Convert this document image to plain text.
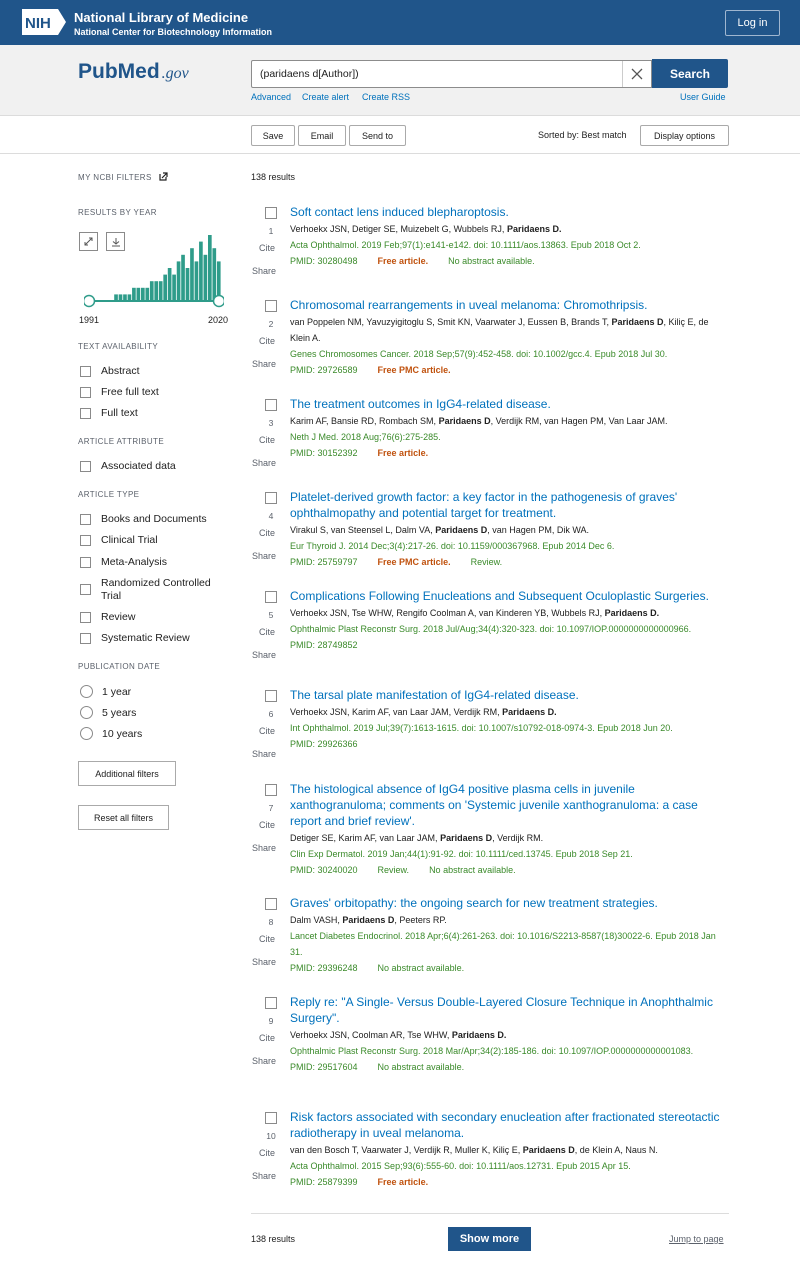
NIH National Library of Medicine
National Center for Biotechnology Information
Log in
PubMed .gov
(paridaens d[Author])	Search
Advanced Create alert Create RSS	User Guide
Save	Email	Send to	Sorted by: Best match	Display options
MY NCBI FILTERS
RESULTS BY YEAR
1991	2020
TEXT AVAILABILITY
Abstract
Free full text
Full text
ARTICLE ATTRIBUTE
Associated data
ARTICLE TYPE
Books and Documents
Clinical Trial
Meta-Analysis
Randomized Controlled
Trial
Review
Systematic Review
PUBLICATION DATE
1 year
5 years
10 years
Additional filters
Reset all filters
138 results
1
Cite
Share
Soft contact lens induced blepharoptosis.
Verhoekx JSN, Detiger SE, Muizebelt G, Wubbels RJ, Paridaens D.
Acta Ophthalmol. 2019 Feb;97(1):e141-e142. doi: 10.1111/aos.13863. Epub 2018 Oct 2.
PMID: 30280498 Free article. No abstract available.
2
Cite
Share
Chromosomal rearrangements in uveal melanoma: Chromothripsis.
van Poppelen NM, Yavuzyigitoglu S, Smit KN, Vaarwater J, Eussen B, Brands T, Paridaens D, Kiliç E, de Klein A.
Genes Chromosomes Cancer. 2018 Sep;57(9):452-458. doi: 10.1002/gcc.4. Epub 2018 Jul 30.
PMID: 29726589 Free PMC article.
3
Cite
Share
The treatment outcomes in IgG4-related disease.
Karim AF, Bansie RD, Rombach SM, Paridaens D, Verdijk RM, van Hagen PM, Van Laar JAM.
Neth J Med. 2018 Aug;76(6):275-285.
PMID: 30152392 Free article.
4
Cite
Share
Platelet-derived growth factor: a key factor in the pathogenesis of graves' ophthalmopathy and potential target for treatment.
Virakul S, van Steensel L, Dalm VA, Paridaens D, van Hagen PM, Dik WA.
Eur Thyroid J. 2014 Dec;3(4):217-26. doi: 10.1159/000367968. Epub 2014 Dec 6.
PMID: 25759797 Free PMC article. Review.
5
Cite
Share
Complications Following Enucleations and Subsequent Oculoplastic Surgeries.
Verhoekx JSN, Tse WHW, Rengifo Coolman A, van Kinderen YB, Wubbels RJ, Paridaens D.
Ophthalmic Plast Reconstr Surg. 2018 Jul/Aug;34(4):320-323. doi: 10.1097/IOP.0000000000000966.
PMID: 28749852
6
Cite
Share
The tarsal plate manifestation of IgG4-related disease.
Verhoekx JSN, Karim AF, van Laar JAM, Verdijk RM, Paridaens D.
Int Ophthalmol. 2019 Jul;39(7):1613-1615. doi: 10.1007/s10792-018-0974-3. Epub 2018 Jun 20.
PMID: 29926366
7
Cite
Share
The histological absence of IgG4 positive plasma cells in juvenile xanthogranuloma; comments on 'Systemic juvenile xanthogranuloma: a case report and brief review'.
Detiger SE, Karim AF, van Laar JAM, Paridaens D, Verdijk RM.
Clin Exp Dermatol. 2019 Jan;44(1):91-92. doi: 10.1111/ced.13745. Epub 2018 Sep 21.
PMID: 30240020 Review. No abstract available.
8
Cite
Share
Graves' orbitopathy: the ongoing search for new treatment strategies.
Dalm VASH, Paridaens D, Peeters RP.
Lancet Diabetes Endocrinol. 2018 Apr;6(4):261-263. doi: 10.1016/S2213-8587(18)30022-6. Epub 2018 Jan 31.
PMID: 29396248 No abstract available.
9
Cite
Share
Reply re: "A Single- Versus Double-Layered Closure Technique in Anophthalmic Surgery".
Verhoekx JSN, Coolman AR, Tse WHW, Paridaens D.
Ophthalmic Plast Reconstr Surg. 2018 Mar/Apr;34(2):185-186. doi: 10.1097/IOP.0000000000001083.
PMID: 29517604 No abstract available.
10
Cite
Share
Risk factors associated with secondary enucleation after fractionated stereotactic radiotherapy in uveal melanoma.
van den Bosch T, Vaarwater J, Verdijk R, Muller K, Kiliç E, Paridaens D, de Klein A, Naus N.
Acta Ophthalmol. 2015 Sep;93(6):555-60. doi: 10.1111/aos.12731. Epub 2015 Apr 15.
PMID: 25879399 Free article.
138 results	Show more	Jump to page
